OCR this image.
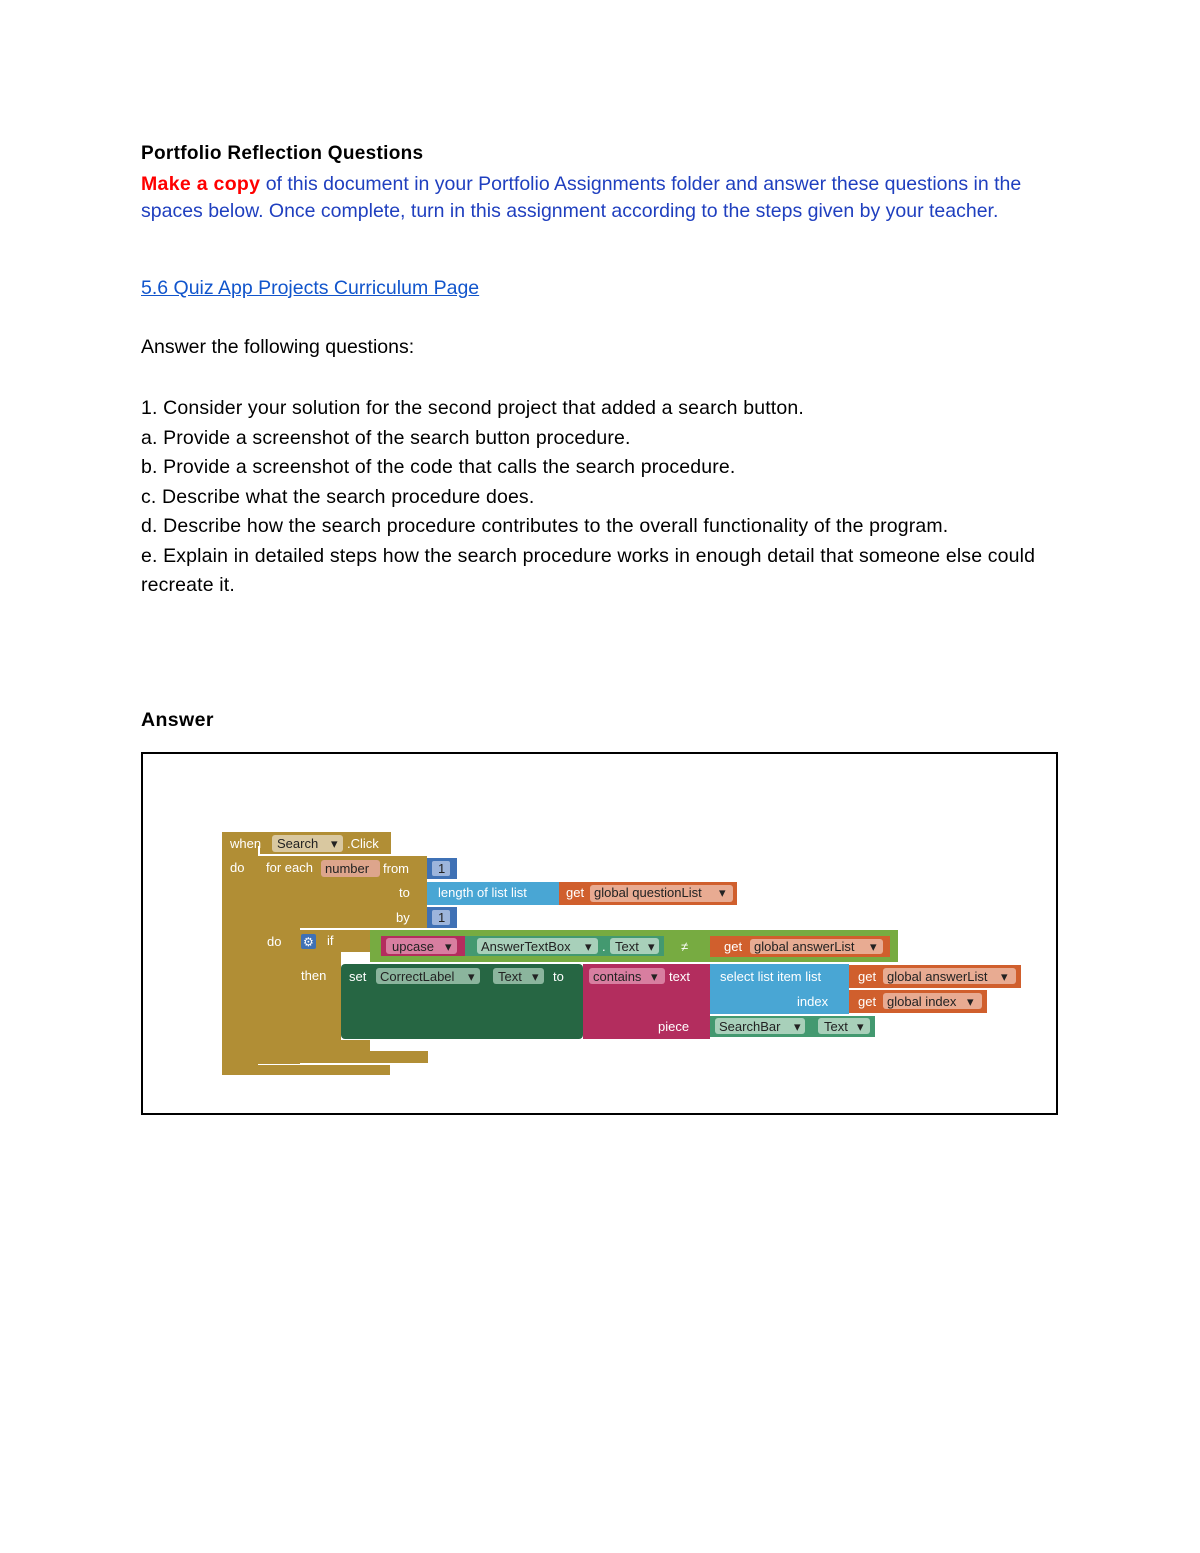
Portfolio Reflection Questions
Make a copy of this document in your Portfolio Assignments folder and answer these questions in the spaces below. Once complete, turn in this assignment according to the steps given by your teacher.
5.6 Quiz App Projects Curriculum Page
Answer the following questions:

1. Consider your solution for the second project that added a search button.

a. Provide a screenshot of the search button procedure.

b. Provide a screenshot of the code that calls the search procedure.

c. Describe what the search procedure does.

d. Describe how the search procedure contributes to the overall functionality of the program.

e. Explain in detailed steps how the search procedure works in enough detail that someone else could recreate it.

Answer
when Search ▾ .Click
do for each number from
to
by
do
1
1
length of list list	get global questionList ▾
⚙ if
then
≠
upcase ▾ AnswerTextBox ▾ . Text ▾	get global answerList ▾
set CorrectLabel ▾ Text ▾ to contains ▾ text
piece
select list item list
index
get global answerList ▾
get global index ▾
SearchBar ▾ Text ▾
